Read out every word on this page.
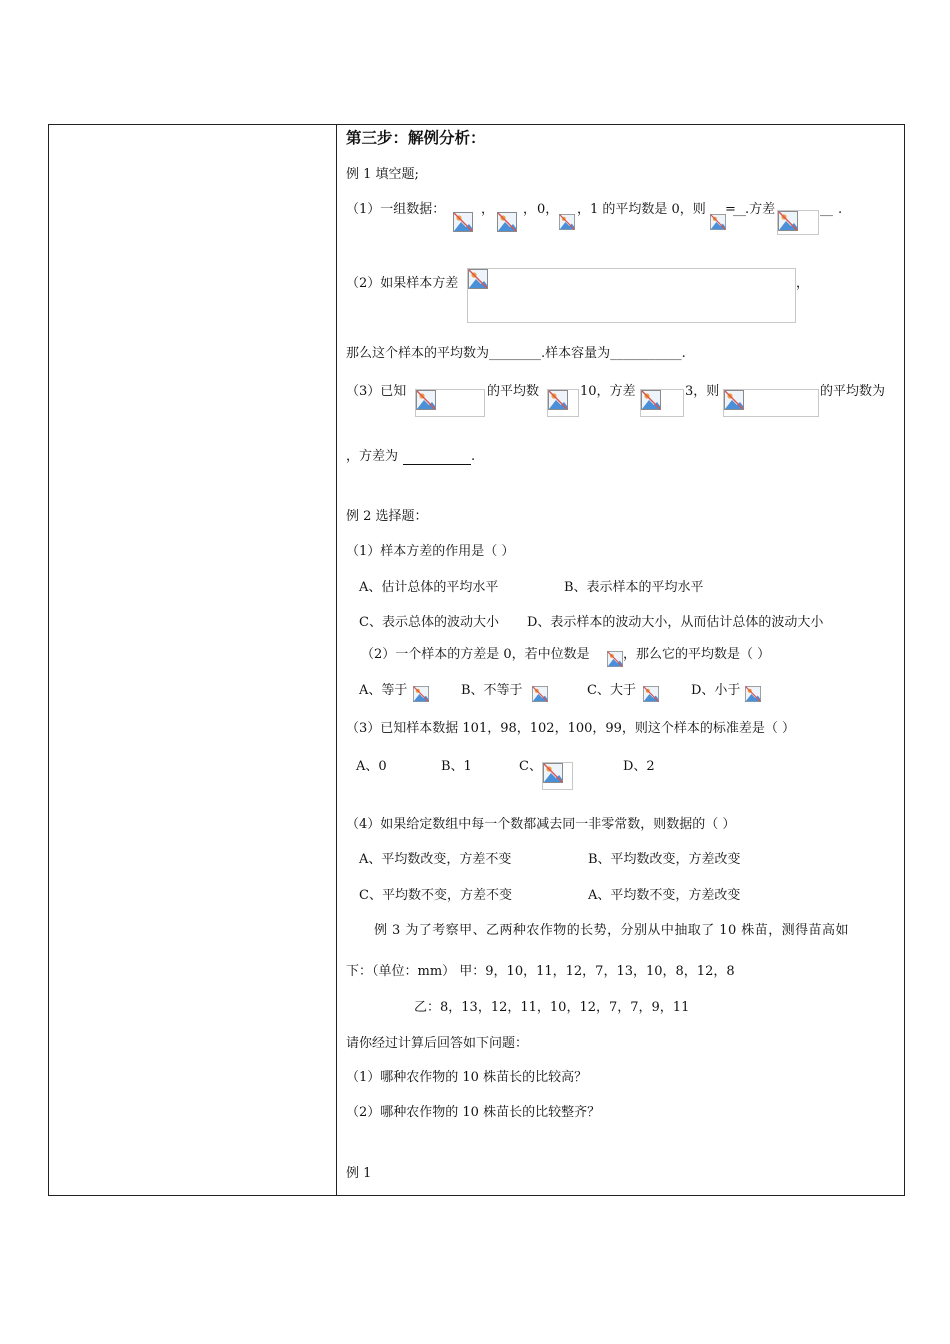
第三步：解例分析：
例 1 填空题;
（1）一组数据：	， ， 0， ，1 的平均数是 0，则 =
__ .方差	__ .
（2）如果样本方差	，
那么这个样本的平均数为________.样本容量为___________.
（3）已知	的平均数	10，方差	3，则	的平均数为
，方差为	.
例 2 选择题：
（1）样本方差的作用是（ ）
A、估计总体的平均水平	B、表示样本的平均水平
C、表示总体的波动大小 D、表示样本的波动大小，从而估计总体的波动大小
（2）一个样本的方差是 0，若中位数是	，那么它的平均数是（ ）
A、等于	B、不等于	C、大于	D、小于
（3）已知样本数据 101，98，102，100，99，则这个样本的标准差是（ ）
A、0	B、1	C、	D、2
（4）如果给定数组中每一个数都减去同一非零常数，则数据的（ ）
A、平均数改变，方差不变	B、平均数改变，方差改变
C、平均数不变，方差不变	A、平均数不变，方差改变
例 3 为了考察甲、乙两种农作物的长势，分别从中抽取了 10 株苗，测得苗高如
下：（单位：mm） 甲：9，10，11，12，7，13，10，8，12，8
乙：8，13，12，11，10，12，7，7，9，11
请你经过计算后回答如下问题：
（1）哪种农作物的 10 株苗长的比较高？
（2）哪种农作物的 10 株苗长的比较整齐？
例 1
